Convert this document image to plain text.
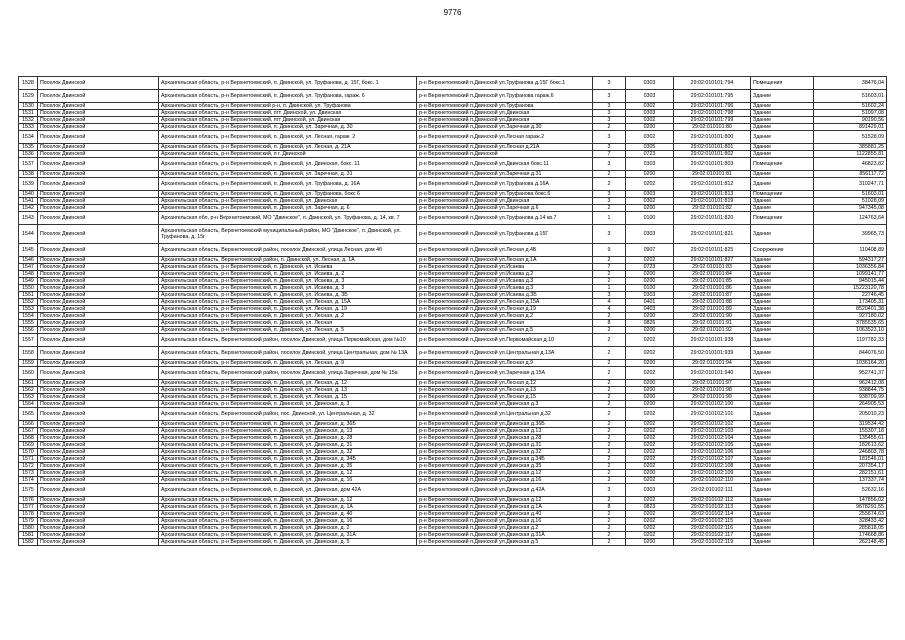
9776
1528	Поселок Двинской	Архангельская область, р-н Верхнетоемский, п. Двинской, ул. Труфанова, д. 15Г, бокс. 1	р-н Верхнетоемский п.Двинской ул.Труфанова д.15Г бокс.1	3	0303	29:02:010101:794	Помещения	38476,04
1529	Поселок Двинской	Архангельская область, р-н Верхнетоемский, п. Двинской, ул. Труфанова, гараж. 6	р-н Верхнетоемский п.Двинской ул.Труфанова гараж.6	3	0303	29:02:010101:795	Здание	51603,01
1530	Поселок Двинской	Архангельская область, р-н Верхнетоемский р-н, п. Двинской, ул. Труфанова	р-н Верхнетоемский п.Двинской ул.Труфанова	3	0302	29:02:010101:796	Здание	51602,24
1531	Поселок Двинской	Архангельская область, р-н Верхнетоемский, пгт. Двинской, ул. Двинская	р-н Верхнетоемский п.Двинской ул.Двинская	3	0303	29:02:010101:798	Здание	51097,08
1532	Поселок Двинской	Архангельская область, р-н Верхнетоемский, пгт Двинской, ул. Двинская	р-н Верхнетоемский п.Двинской ул.Двинская	3	0302	29:02:010101:799	Здание	90190,56
1533	Поселок Двинской	Архангельская область, р-н Верхнетоемский, п. Двинской, ул. Заречная, д. 30	р-н Верхнетоемский п.Двинской ул.Заречная д.30	2	0200	29:02:010101:80	Здание	891429,01
1534	Поселок Двинской	Архангельская область, р-н Верхнетоемский, п. Двинской, ул. Лесная, гараж. 2	р-н Верхнетоемский п.Двинской ул.Лесная гараж.2	3	0302	29:02:010101:800	Здание	51528,09
1535	Поселок Двинской	Архангельская область, р-н Верхнетоемский, п. Двинской, ул. Лесная, д. 21А	р-н Верхнетоемский п.Двинской ул.Лесная д.21А	3	0305	29:02:010101:801	Здание	385881,25
1536	Поселок Двинской	Архангельская область, р-н Верхнетоемский, п г. Двинской	р-н Верхнетоемский п.Двинской	7	0723	29:02:010101:802	Здание	1122855,81
1537	Поселок Двинской	Архангельская область, р-н Верхнетоемский, п. Двинской, ул. Двинская, бокс. 11	р-н Верхнетоемский п.Двинской ул.Двинская бокс.11	3	0303	29:02:010101:803	Помещение	46823,82
1538	Поселок Двинской	Архангельская область, р-н Верхнетоемский, п. Двинской, ул. Заречная, д. 31	р-н Верхнетоемский п.Двинской ул.Заречная д.31	2	0200	29:02:010101:81	Здание	856117,72
1539	Поселок Двинской	Архангельская область, р-н Верхнетоемский, п. Двинской, ул. Труфанова, д. 16А	р-н Верхнетоемский п.Двинской ул.Труфанова д.16А	2	0202	29:02:010101:812	Здание	310247,71
1540	Поселок Двинской	Архангельская область, р-н Верхнетоемский, п. Двинской, ул. Труфанова, бокс 6	р-н Верхнетоемский п.Двинской ул.Труфанова бокс.6	3	0303	29:02:010101:813	Помещение	51603,01
1541	Поселок Двинской	Архангельская область, р-н Верхнетоемский, п. Двинской, ул. Двинская	р-н Верхнетоемский п.Двинской ул.Двинская	3	0302	29:02:010101:819	Здание	51028,09
1542	Поселок Двинской	Архангельская область, р-н Верхнетоемский, п. Двинской, ул. Заречная, д. 6	р-н Верхнетоемский п.Двинской ул.Заречная д.6	2	0200	29:02:010101:82	Здание	947345,08
1543	Поселок Двинской	Архангельская обл, р-н Верхнетоемский, МО "Двинское", п. Двинской, ул. Труфанова, д. 14, кв. 7	р-н Верхнетоемский п.Двинской ул.Труфанова д.14 кв.7	1	0100	29:02:010101:820	Помещение	124763,64
1544	Поселок Двинской	Архангельская область, Верхнетоемский муниципальный район, МО "Двинское", п. Двинской, ул. Труфанова, д. 15г	р-н Верхнетоемский п.Двинской ул.Труфанова д.15Г	3	0303	29:02:010101:821	Здание	39965,73
1545	Поселок Двинской	Архангельская область, Верхнетоемский район, поселок Двинской, улица Лесная, дом 4б	р-н Верхнетоемский п.Двинской ул.Лесная д.4Б	9	0907	29:02:010101:825	Сооружение	110408,89
1546	Поселок Двинской	Архангельская область, Верхнетоемский район, п. Двинской, ул. Лесная, д. 1А	р-н Верхнетоемский п.Двинской ул.Лесная д.1А	2	0202	29:02:010101:827	Здание	594317,27
1547	Поселок Двинской	Архангельская область, р-н Верхнетоемский, п. Двинской, ул. Исаева	р-н Верхнетоемский п.Двинской ул.Исаева	7	0723	29:02:010101:83	Здание	1036356,84
1548	Поселок Двинской	Архангельская область, р-н Верхнетоемский, п. Двинской, ул. Исаева, д. 2	р-н Верхнетоемский п.Двинской ул.Исаева д.2	2	0200	29:02:010101:84	Здание	1099141,77
1549	Поселок Двинской	Архангельская область, р-н Верхнетоемский, п. Двинской, ул. Исаева, д. 3	р-н Верхнетоемский п.Двинской ул.Исаева д.3	2	0200	29:02:010101:85	Здание	945015,44
1550	Поселок Двинской	Архангельская область, р-н Верхнетоемский, п. Двинской, ул. Исаева, д. 3	р-н Верхнетоемский п.Двинской ул.Исаева д.3	1	0100	29:02:010101:86	Здание	15223120,78
1551	Поселок Двинской	Архангельская область, р-н Верхнетоемский, п. Двинской, ул. Исаева, д. 3Б	р-н Верхнетоемский п.Двинской ул.Исаева д.3Б	3	0303	29:02:010101:87	Здание	22746,45
1552	Поселок Двинской	Архангельская область, р-н Верхнетоемский, п. Двинской, ул. Лесная, д. 15А	р-н Верхнетоемский п.Двинской ул.Лесная д.15А	4	0401	29:02:010101:88	Здание	173405,31
1553	Поселок Двинской	Архангельская область, р-н Верхнетоемский, п. Двинской, ул. Лесная, д. 19	р-н Верхнетоемский п.Двинской ул.Лесная д.19	4	0403	29:02:010101:89	Здание	8520401,38
1554	Поселок Двинской	Архангельская область, р-н Верхнетоемский, п. Двинской, ул. Лесная, д. 2	р-н Верхнетоемский п.Двинской ул.Лесная д.2	2	0200	29:02:010101:90	Здание	927180,02
1555	Поселок Двинской	Архангельская область, р-н Верхнетоемский, п. Двинской, ул. Лесная	р-н Верхнетоемский п.Двинской ул.Лесная	8	0826	29:02:010101:91	Здание	3785535,65
1556	Поселок Двинской	Архангельская область, р-н Верхнетоемский, п. Двинской, ул. Лесная, д. 5	р-н Верхнетоемский п.Двинской ул.Лесная д.5	2	0200	29:02:010101:92	Здание	1063523,10
1557	Поселок Двинской	Архангельская область, Верхнетоемский район, поселок Двинской, улица Первомайская, дом №10	р-н Верхнетоемский п.Двинской ул.Первомайская д.10	2	0202	29:02:010101:938	Здание	1197782,33
1558	Поселок Двинской	Архангельская область, Верхнетоемский район, поселок Двинской, улица Центральная, дом № 13А	р-н Верхнетоемский п.Двинской ул.Центральная д.13А	2	0202	29:02:010101:939	Здание	844076,50
1559	Поселок Двинской	Архангельская область, р-н Верхнетоемский, п. Двинской, ул. Лесная, д. 9	р-н Верхнетоемский п.Двинской ул.Лесная д.9	2	0200	29:02:010101:94	Здание	1036164,20
1560	Поселок Двинской	Архангельская область, Верхнетоемский район, поселок Двинской, улица Заречная, дом № 15а	р-н Верхнетоемский п.Двинской ул.Заречная д.15А	2	0202	29:02:010101:940	Здание	952741,37
1561	Поселок Двинской	Архангельская область, р-н Верхнетоемский, п. Двинской, ул. Лесная, д. 12	р-н Верхнетоемский п.Двинской ул.Лесная д.12	2	0200	29:02:010101:97	Здание	962412,08
1562	Поселок Двинской	Архангельская область, р-н Верхнетоемский, п. Двинской, ул. Лесная, д. 13	р-н Верхнетоемский п.Двинской ул.Лесная д.13	2	0200	29:02:010101:98	Здание	938844,75
1563	Поселок Двинской	Архангельская область, р-н Верхнетоемский, п. Двинской, ул. Лесная, д. 15	р-н Верхнетоемский п.Двинской ул.Лесная д.15	2	0200	29:02:010101:99	Здание	938709,99
1564	Поселок Двинской	Архангельская область, р-н Верхнетоемский, п. Двинской, ул. Двинская, д. 3	р-н Верхнетоемский п.Двинской ул.Двинская д.3	2	0200	29:02:010102:100	Здание	264905,53
1565	Поселок Двинской	Архангельская область, Верхнетоемский район, пос. Двинской, ул. Центральная, д. 32	р-н Верхнетоемский п.Двинской ул.Центральная д.32	2	0202	29:02:010102:101	Здание	205010,23
1566	Поселок Двинской	Архангельская область, р-н Верхнетоемский, п. Двинской, ул. Двинская, д. 36Б	р-н Верхнетоемский п.Двинской ул.Двинская д.36Б	2	0202	29:02:010102:102	Здание	319534,42
1567	Поселок Двинской	Архангельская область, р-н Верхнетоемский, п. Двинской, ул. Двинская, д. 13	р-н Верхнетоемский п.Двинской ул.Двинская д.13	2	0202	29:02:010102:103	Здание	155307,18
1568	Поселок Двинской	Архангельская область, р-н Верхнетоемский, п. Двинской, ул. Двинская, д. 28	р-н Верхнетоемский п.Двинской ул.Двинская д.28	2	0202	29:02:010102:104	Здание	135455,61
1569	Поселок Двинской	Архангельская область, р-н Верхнетоемский, п. Двинской, ул. Двинская, д. 31	р-н Верхнетоемский п.Двинской ул.Двинская д.31	2	0202	29:02:010102:105	Здание	182613,62
1570	Поселок Двинской	Архангельская область, р-н Верхнетоемский, п. Двинской, ул. Двинская, д. 32	р-н Верхнетоемский п.Двинской ул.Двинская д.32	2	0202	29:02:010102:106	Здание	246803,78
1571	Поселок Двинской	Архангельская область, р-н Верхнетоемский, п. Двинской, ул. Двинская, д. 34Б	р-н Верхнетоемский п.Двинской ул.Двинская д.34Б	2	0202	29:02:010102:107	Здание	181546,01
1572	Поселок Двинской	Архангельская область, р-н Верхнетоемский, п. Двинской, ул. Двинская, д. 35	р-н Верхнетоемский п.Двинской ул.Двинская д.35	2	0202	29:02:010102:108	Здание	207354,17
1573	Поселок Двинской	Архангельская область, р-н Верхнетоемский, п. Двинской, ул. Двинская, д. 12	р-н Верхнетоемский п.Двинской ул.Двинская д.12	2	0200	29:02:010102:109	Здание	282151,61
1574	Поселок Двинской	Архангельская область, р-н Верхнетоемский, п. Двинской, ул. Двинская, д. 16	р-н Верхнетоемский п.Двинской ул.Двинская д.16	2	0202	29:02:010102:110	Здание	137337,74
1575	Поселок Двинской	Архангельская область, р-н Верхнетоемский, п. Двинской, ул. Двинская, дом 42А	р-н Верхнетоемский п.Двинской ул.Двинская д.42А	3	0303	29:02:010102:111	Здание	52632,16
1576	Поселок Двинской	Архангельская область, р-н Верхнетоемский, п. Двинской, ул. Двинская, д. 12	р-н Верхнетоемский п.Двинской ул.Двинская д.12	2	0202	29:02:010102:112	Здание	147856,02
1577	Поселок Двинской	Архангельская область, р-н Верхнетоемский, п. Двинской, ул. Двинская, д. 1А	р-н Верхнетоемский п.Двинской ул.Двинская д.1А	8	0823	29:02:010102:113	Здание	9678291,55
1578	Поселок Двинской	Архангельская область, р-н Верхнетоемский, п. Двинской, ул. Двинская, д. 40	р-н Верхнетоемский п.Двинской ул.Двинская д.40	2	0202	29:02:010102:114	Здание	255674,63
1579	Поселок Двинской	Архангельская область, р-н Верхнетоемский, п. Двинской, ул. Двинская, д. 16	р-н Верхнетоемский п.Двинской ул.Двинская д.16	2	0202	29:02:010102:115	Здание	328433,42
1580	Поселок Двинской	Архангельская область, р-н Верхнетоемский, п. Двинской, ул. Двинская, д. 2	р-н Верхнетоемский п.Двинской ул.Двинская д.2	2	0202	29:02:010102:116	Здание	285818,05
1581	Поселок Двинской	Архангельская область, р-н Верхнетоемский, п. Двинской, ул. Двинская, д. 31А	р-н Верхнетоемский п.Двинской ул.Двинская д.31А	2	0202	29:02:010102:117	Здание	174668,86
1582	Поселок Двинской	Архангельская область, р-н Верхнетоемский, п. Двинской, ул. Двинская, д. 5	р-н Верхнетоемский п.Двинской ул.Двинская д.5	2	0200	29:02:010102:119	Здание	262148,45
